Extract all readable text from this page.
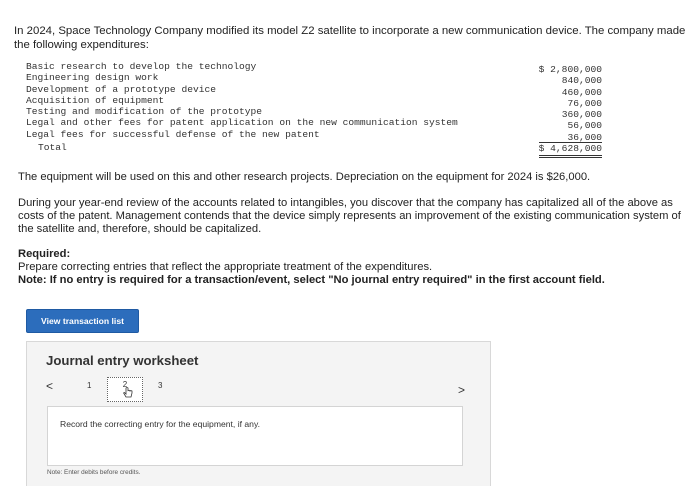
In 2024, Space Technology Company modified its model Z2 satellite to incorporate a new communication device. The company made
the following expenditures:
Basic research to develop the technology	$ 2,800,000
Engineering design work	840,000
Development of a prototype device	460,000
Acquisition of equipment	76,000
Testing and modification of the prototype	360,000
Legal and other fees for patent application on the new communication system	56,000
Legal fees for successful defense of the new patent	36,000
Total	$ 4,628,000
The equipment will be used on this and other research projects. Depreciation on the equipment for 2024 is $26,000.
During your year-end review of the accounts related to intangibles, you discover that the company has capitalized all of the above as
costs of the patent. Management contends that the device simply represents an improvement of the existing communication system of
the satellite and, therefore, should be capitalized.
Required:
Prepare correcting entries that reflect the appropriate treatment of the expenditures.
Note: If no entry is required for a transaction/event, select "No journal entry required" in the first account field.
View transaction list
Journal entry worksheet
<	1	2	3	>
Record the correcting entry for the equipment, if any.
Note: Enter debits before credits.
